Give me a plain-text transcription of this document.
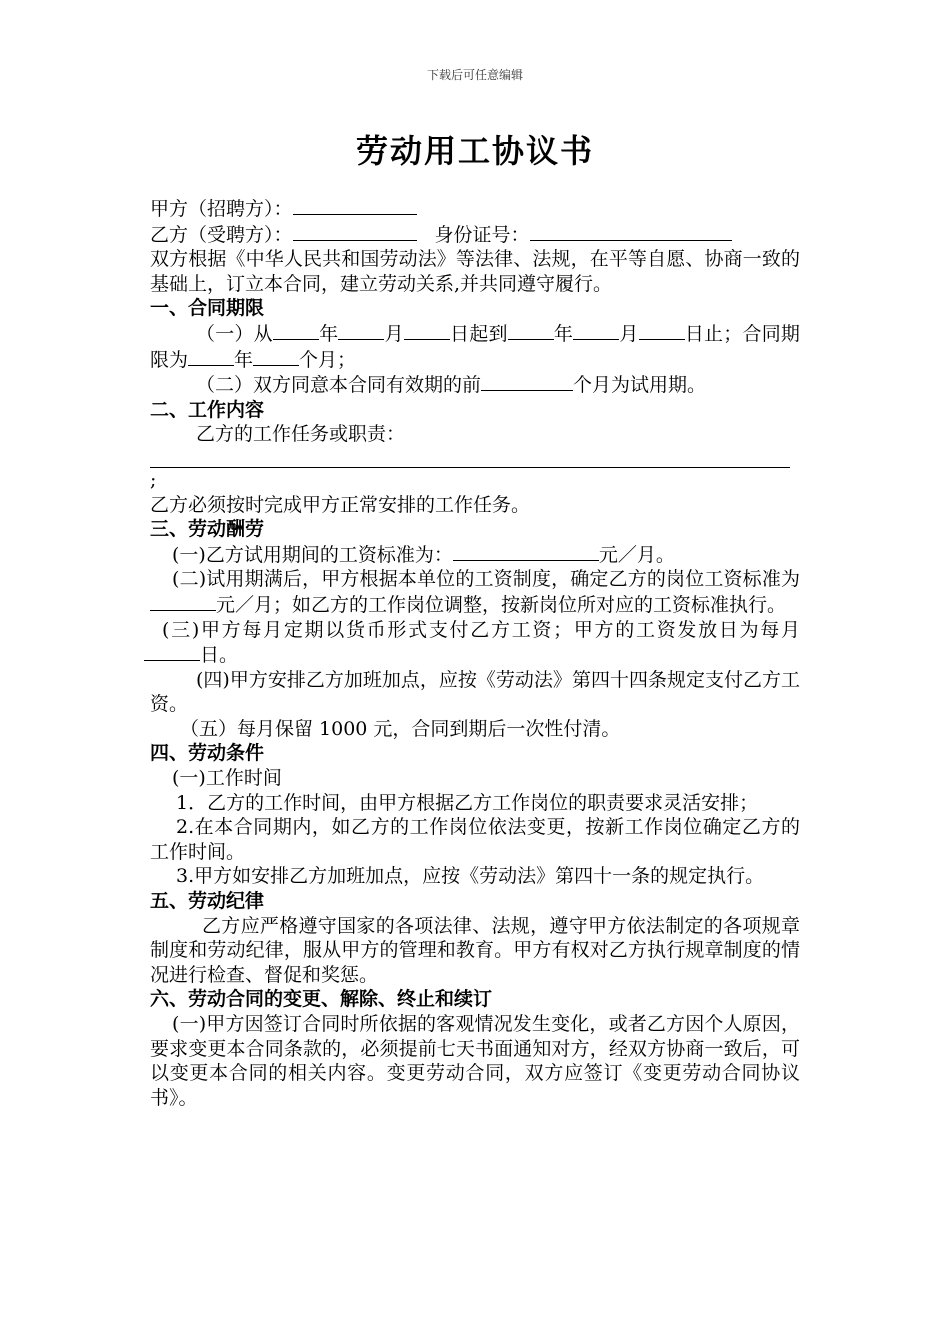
下载后可任意编辑
劳动用工协议书

甲方（招聘方）：

乙方（受聘方）：	身份证号：

双方根据《中华人民共和国劳动法》等法律、法规，在平等自愿、协商一致的基础上，订立本合同，建立劳动关系,并共同遵守履行。

一、合同期限

（一）从 年 月 日起到 年 月 日止；合同期限为 年 个月；

（二）双方同意本合同有效期的前	个月为试用期。

二、工作内容

乙方的工作任务或职责：

;

乙方必须按时完成甲方正常安排的工作任务。

三、劳动酬劳

(一)乙方试用期间的工资标准为：	元／月。

(二)试用期满后，甲方根据本单位的工资制度，确定乙方的岗位工资标准为元／月；如乙方的工作岗位调整，按新岗位所对应的工资标准执行。

(三)甲方每月定期以货币形式支付乙方工资；甲方的工资发放日为每月日。

(四)甲方安排乙方加班加点，应按《劳动法》第四十四条规定支付乙方工资。

（五）每月保留 1000 元，合同到期后一次性付清。

四、劳动条件

(一)工作时间

1．乙方的工作时间，由甲方根据乙方工作岗位的职责要求灵活安排；

2.在本合同期内，如乙方的工作岗位依法变更，按新工作岗位确定乙方的工作时间。

3.甲方如安排乙方加班加点，应按《劳动法》第四十一条的规定执行。

五、劳动纪律

乙方应严格遵守国家的各项法律、法规，遵守甲方依法制定的各项规章制度和劳动纪律，服从甲方的管理和教育。甲方有权对乙方执行规章制度的情况进行检查、督促和奖惩。

六、劳动合同的变更、解除、终止和续订

(一)甲方因签订合同时所依据的客观情况发生变化，或者乙方因个人原因，要求变更本合同条款的，必须提前七天书面通知对方，经双方协商一致后，可以变更本合同的相关内容。变更劳动合同，双方应签订《变更劳动合同协议书》。
